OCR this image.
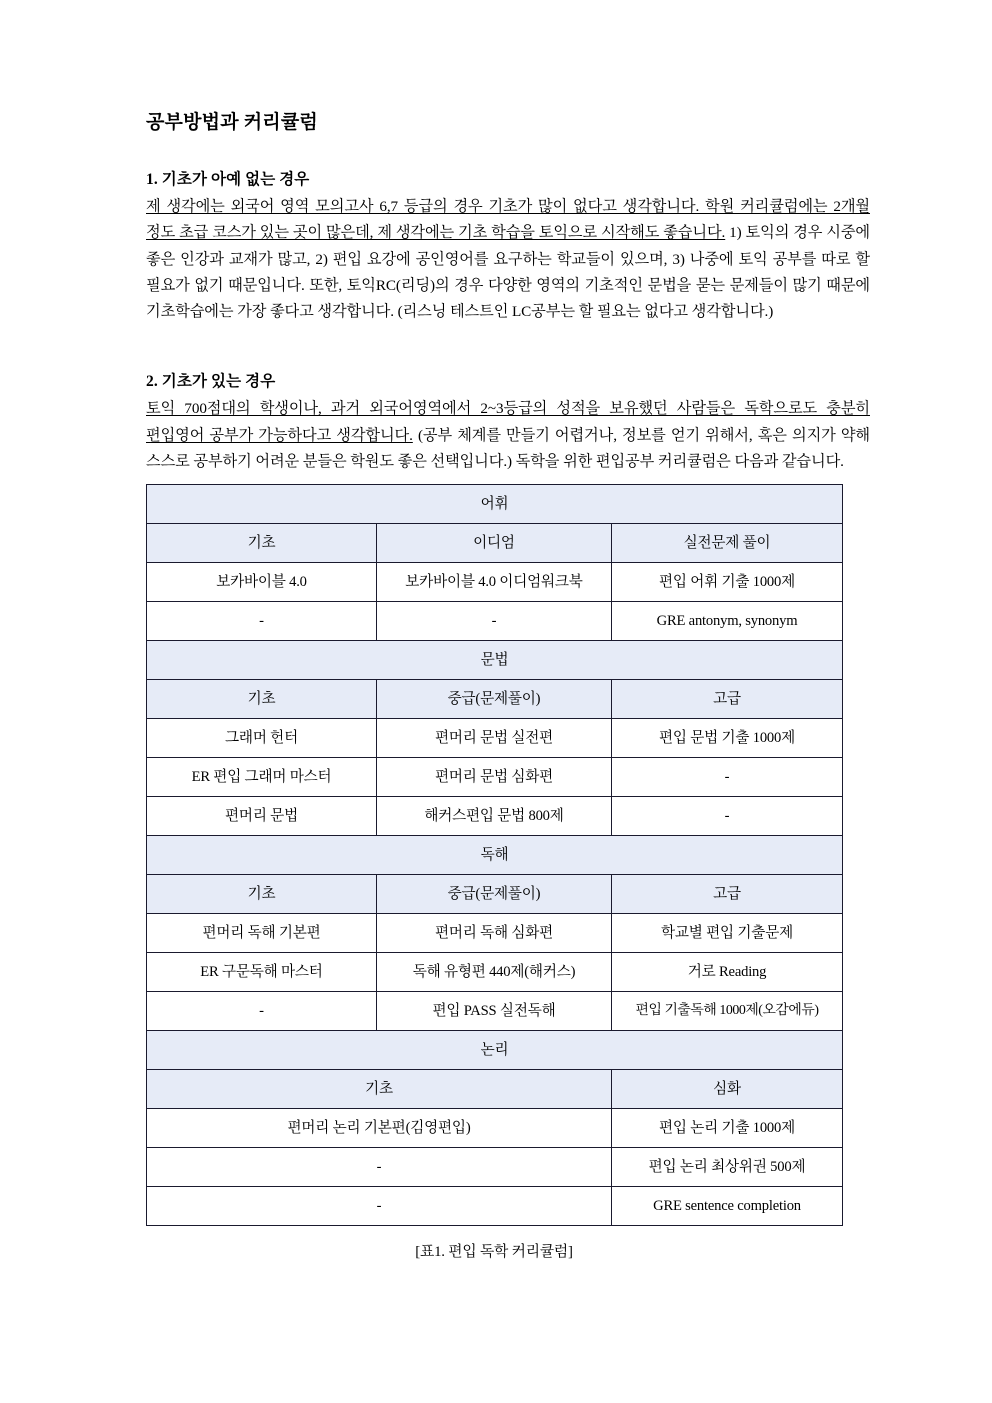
공부방법과 커리큘럼
1. 기초가 아예 없는 경우

제 생각에는 외국어 영역 모의고사 6,7 등급의 경우 기초가 많이 없다고 생각합니다. 학원 커리큘럼에는 2개월 정도 초급 코스가 있는 곳이 많은데, 제 생각에는 기초 학습을 토익으로 시작해도 좋습니다. 1) 토익의 경우 시중에 좋은 인강과 교재가 많고, 2) 편입 요강에 공인영어를 요구하는 학교들이 있으며, 3) 나중에 토익 공부를 따로 할 필요가 없기 때문입니다. 또한, 토익RC(리딩)의 경우 다양한 영역의 기초적인 문법을 묻는 문제들이 많기 때문에 기초학습에는 가장 좋다고 생각합니다. (리스닝 테스트인 LC공부는 할 필요는 없다고 생각합니다.)

2. 기초가 있는 경우

토익 700점대의 학생이나, 과거 외국어영역에서 2~3등급의 성적을 보유했던 사람들은 독학으로도 충분히 편입영어 공부가 가능하다고 생각합니다. (공부 체계를 만들기 어렵거나, 정보를 얻기 위해서, 혹은 의지가 약해 스스로 공부하기 어려운 분들은 학원도 좋은 선택입니다.) 독학을 위한 편입공부 커리큘럼은 다음과 같습니다.

어휘		
기초	이디엄	실전문제 풀이
보카바이블 4.0	보카바이블 4.0 이디엄워크북	편입 어휘 기출 1000제
-	-	GRE antonym, synonym
문법		
기초	중급(문제풀이)	고급
그래머 헌터	편머리 문법 실전편	편입 문법 기출 1000제
ER 편입 그래머 마스터	편머리 문법 심화편	-
편머리 문법	해커스편입 문법 800제	-
독해		
기초	중급(문제풀이)	고급
편머리 독해 기본편	편머리 독해 심화편	학교별 편입 기출문제
ER 구문독해 마스터	독해 유형편 440제(해커스)	거로 Reading
-	편입 PASS 실전독해	편입 기출독해 1000제(오감에듀)
논리		
기초		심화
편머리 논리 기본편(김영편입)		편입 논리 기출 1000제
-		편입 논리 최상위권 500제
-		GRE sentence completion
[표1. 편입 독학 커리큘럼]
